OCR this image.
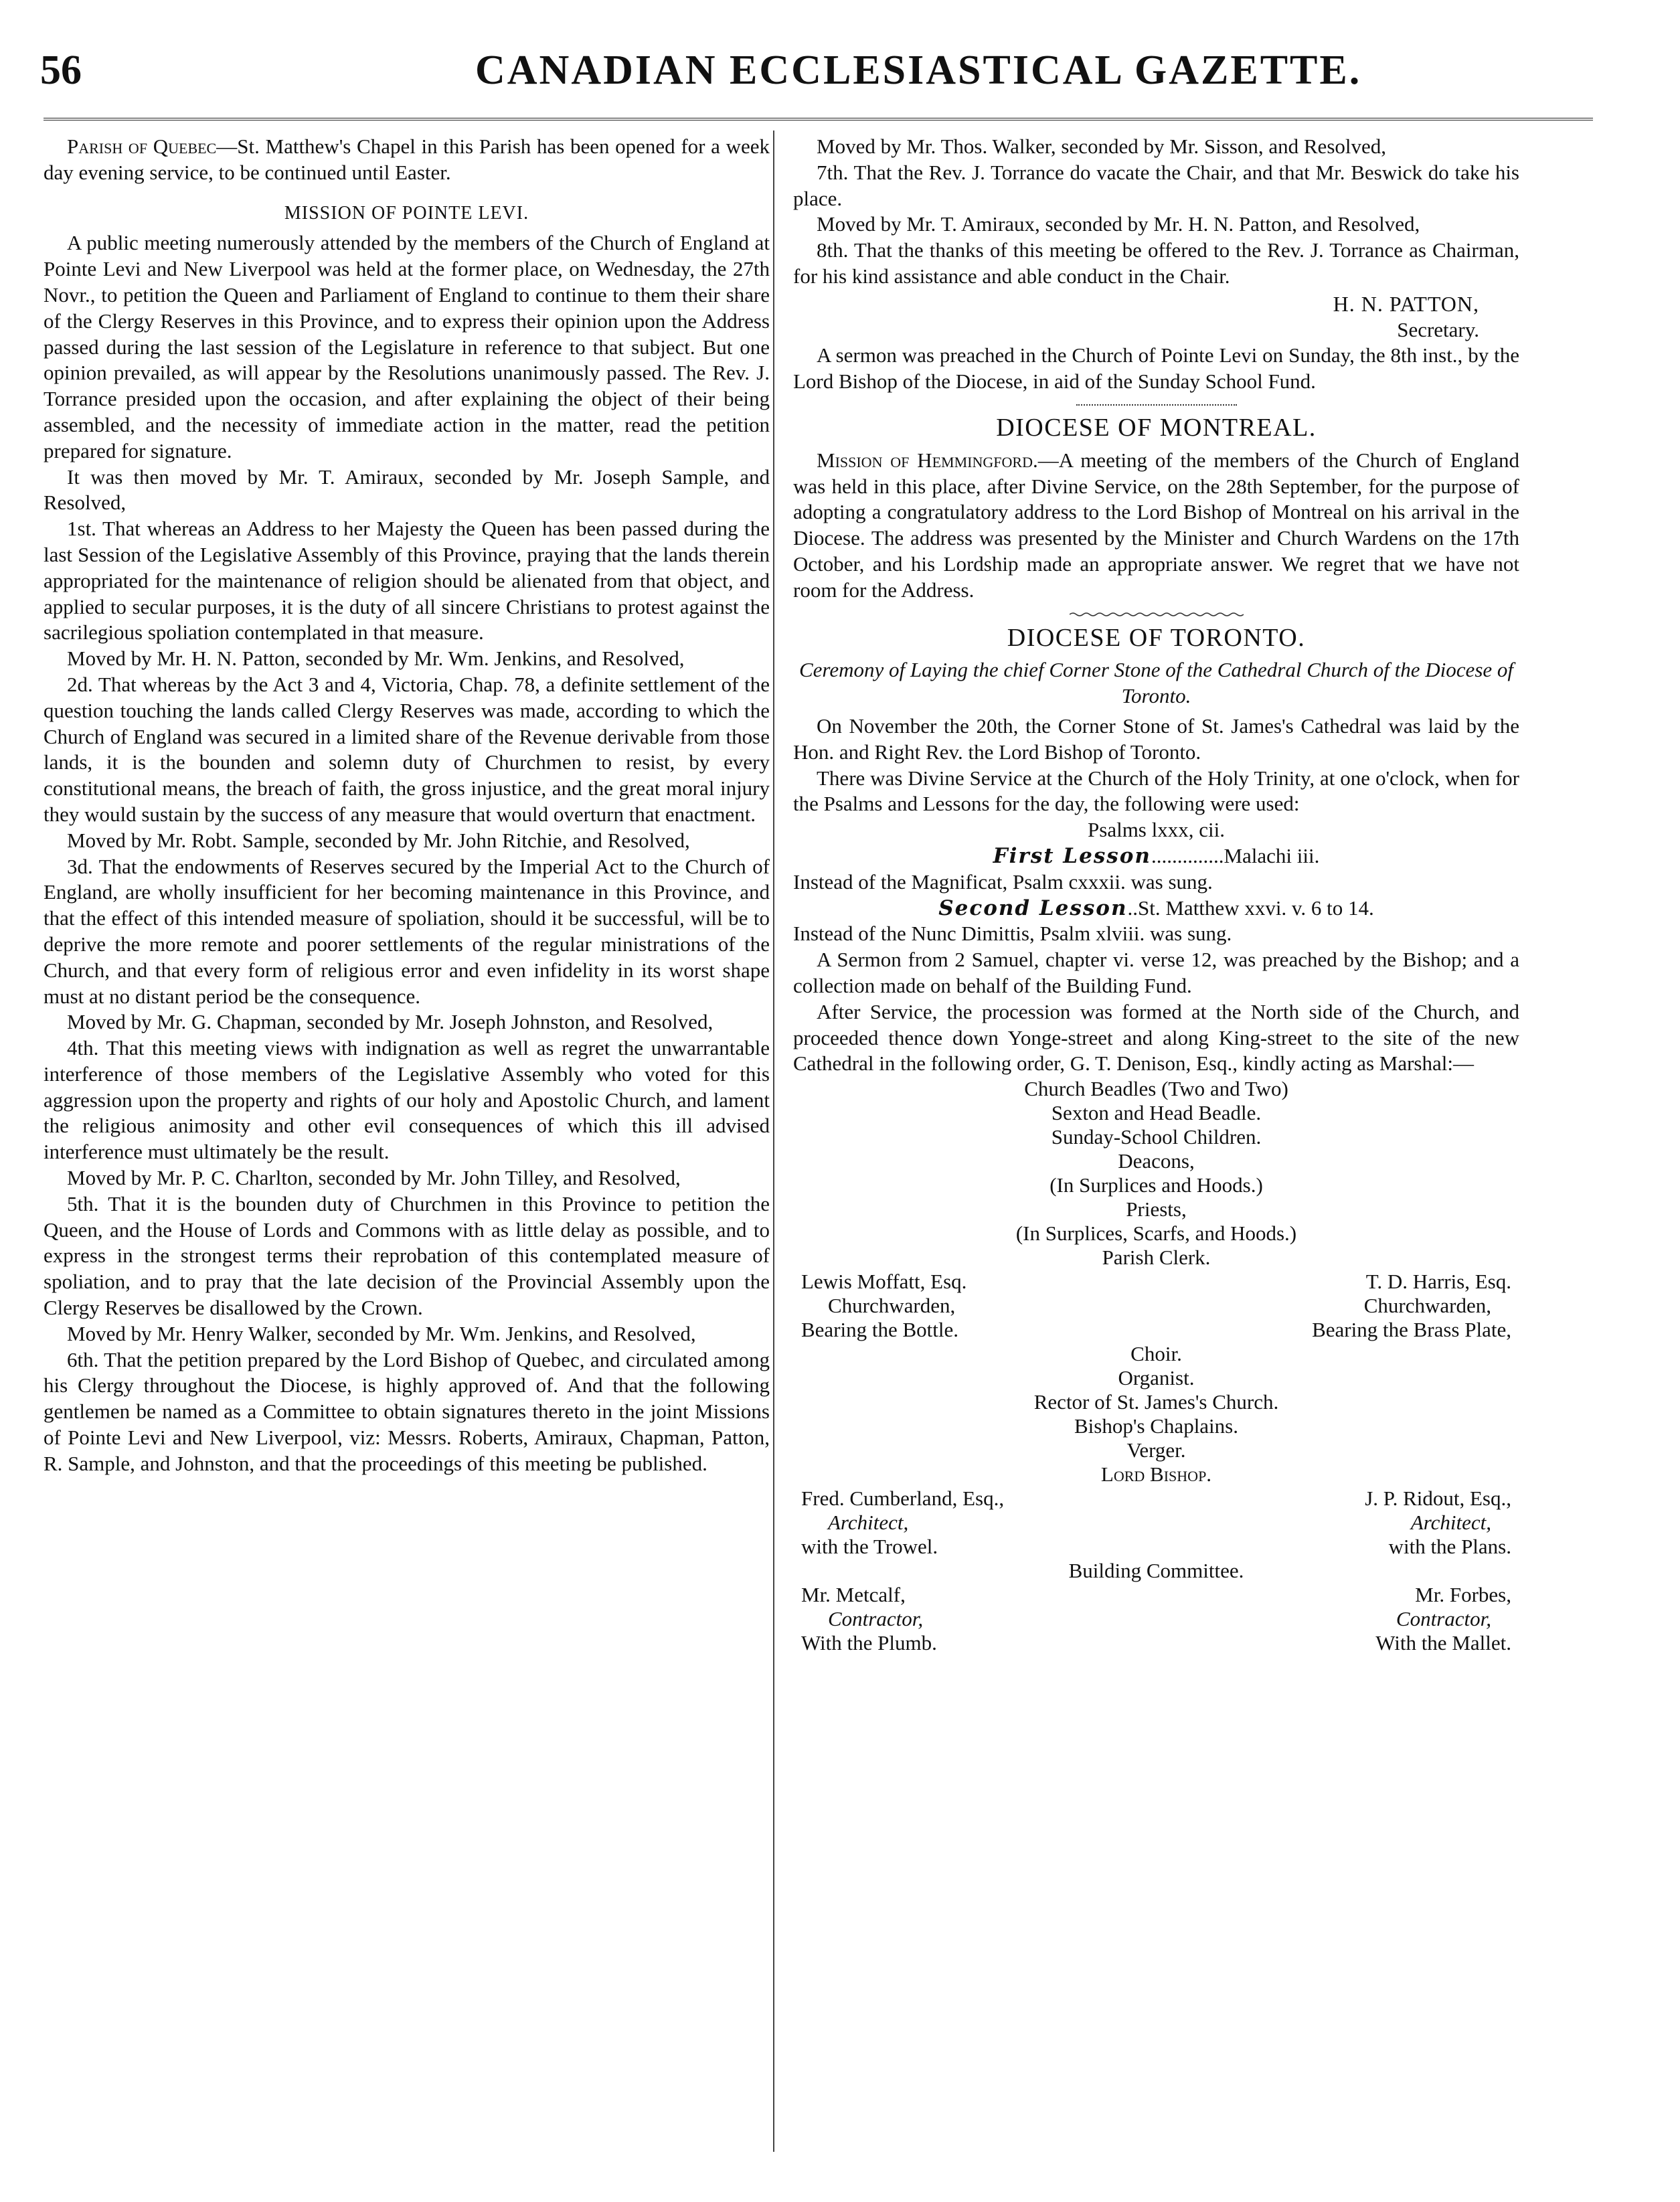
56	CANADIAN ECCLESIASTICAL GAZETTE.

Parish of Quebec—St. Matthew's Chapel in this Parish has been opened for a week day evening service, to be continued until Easter.

MISSION OF POINTE LEVI.

A public meeting numerously attended by the members of the Church of England at Pointe Levi and New Liverpool was held at the former place, on Wednesday, the 27th Novr., to petition the Queen and Parliament of England to continue to them their share of the Clergy Reserves in this Province, and to express their opinion upon the Address passed during the last session of the Legislature in reference to that subject. But one opinion prevailed, as will appear by the Resolutions unanimously passed. The Rev. J. Torrance presided upon the occasion, and after explaining the object of their being assembled, and the necessity of immediate action in the matter, read the petition prepared for signature.

It was then moved by Mr. T. Amiraux, seconded by Mr. Joseph Sample, and Resolved,

1st. That whereas an Address to her Majesty the Queen has been passed during the last Session of the Legislative Assembly of this Province, praying that the lands therein appropriated for the maintenance of religion should be alienated from that object, and applied to secular purposes, it is the duty of all sincere Christians to protest against the sacrilegious spoliation contemplated in that measure.

Moved by Mr. H. N. Patton, seconded by Mr. Wm. Jenkins, and Resolved,

2d. That whereas by the Act 3 and 4, Victoria, Chap. 78, a definite settlement of the question touching the lands called Clergy Reserves was made, according to which the Church of England was secured in a limited share of the Revenue derivable from those lands, it is the bounden and solemn duty of Churchmen to resist, by every constitutional means, the breach of faith, the gross injustice, and the great moral injury they would sustain by the success of any measure that would overturn that enactment.

Moved by Mr. Robt. Sample, seconded by Mr. John Ritchie, and Resolved,

3d. That the endowments of Reserves secured by the Imperial Act to the Church of England, are wholly insufficient for her becoming maintenance in this Province, and that the effect of this intended measure of spoliation, should it be successful, will be to deprive the more remote and poorer settlements of the regular ministrations of the Church, and that every form of religious error and even infidelity in its worst shape must at no distant period be the consequence.

Moved by Mr. G. Chapman, seconded by Mr. Joseph Johnston, and Resolved,

4th. That this meeting views with indignation as well as regret the unwarrantable interference of those members of the Legislative Assembly who voted for this aggression upon the property and rights of our holy and Apostolic Church, and lament the religious animosity and other evil consequences of which this ill advised interference must ultimately be the result.

Moved by Mr. P. C. Charlton, seconded by Mr. John Tilley, and Resolved,

5th. That it is the bounden duty of Churchmen in this Province to petition the Queen, and the House of Lords and Commons with as little delay as possible, and to express in the strongest terms their reprobation of this contemplated measure of spoliation, and to pray that the late decision of the Provincial Assembly upon the Clergy Reserves be disallowed by the Crown.

Moved by Mr. Henry Walker, seconded by Mr. Wm. Jenkins, and Resolved,

6th. That the petition prepared by the Lord Bishop of Quebec, and circulated among his Clergy throughout the Diocese, is highly approved of. And that the following gentlemen be named as a Committee to obtain signatures thereto in the joint Missions of Pointe Levi and New Liverpool, viz: Messrs. Roberts, Amiraux, Chapman, Patton, R. Sample, and Johnston, and that the proceedings of this meeting be published.

Moved by Mr. Thos. Walker, seconded by Mr. Sisson, and Resolved,

7th. That the Rev. J. Torrance do vacate the Chair, and that Mr. Beswick do take his place.

Moved by Mr. T. Amiraux, seconded by Mr. H. N. Patton, and Resolved,

8th. That the thanks of this meeting be offered to the Rev. J. Torrance as Chairman, for his kind assistance and able conduct in the Chair.

H. N. PATTON,
Secretary.

A sermon was preached in the Church of Pointe Levi on Sunday, the 8th inst., by the Lord Bishop of the Diocese, in aid of the Sunday School Fund.

DIOCESE OF MONTREAL.

Mission of Hemmingford.—A meeting of the members of the Church of England was held in this place, after Divine Service, on the 28th September, for the purpose of adopting a congratulatory address to the Lord Bishop of Montreal on his arrival in the Diocese. The address was presented by the Minister and Church Wardens on the 17th October, and his Lordship made an appropriate answer. We regret that we have not room for the Address.

DIOCESE OF TORONTO.
Ceremony of Laying the chief Corner Stone of the Cathedral Church of the Diocese of Toronto.

On November the 20th, the Corner Stone of St. James's Cathedral was laid by the Hon. and Right Rev. the Lord Bishop of Toronto.

There was Divine Service at the Church of the Holy Trinity, at one o'clock, when for the Psalms and Lessons for the day, the following were used:

Psalms lxxx, cii.

First Lesson..............Malachi iii.

Instead of the Magnificat, Psalm cxxxii. was sung.

Second Lesson..St. Matthew xxvi. v. 6 to 14.

Instead of the Nunc Dimittis, Psalm xlviii. was sung.

A Sermon from 2 Samuel, chapter vi. verse 12, was preached by the Bishop; and a collection made on behalf of the Building Fund.

After Service, the procession was formed at the North side of the Church, and proceeded thence down Yonge-street and along King-street to the site of the new Cathedral in the following order, G. T. Denison, Esq., kindly acting as Marshal:—

Church Beadles (Two and Two)
Sexton and Head Beadle.
Sunday-School Children.
Deacons,
(In Surplices and Hoods.)
Priests,
(In Surplices, Scarfs, and Hoods.)
Parish Clerk.
Lewis Moffatt, Esq.
Churchwarden,
Bearing the Bottle.
T. D. Harris, Esq.
Churchwarden,
Bearing the Brass Plate,
Choir.
Organist.
Rector of St. James's Church.
Bishop's Chaplains.
Verger.
Lord Bishop.
Fred. Cumberland, Esq.,
Architect,
with the Trowel.
J. P. Ridout, Esq.,
Architect,
with the Plans.
Building Committee.
Mr. Metcalf,
Contractor,
With the Plumb.
Mr. Forbes,
Contractor,
With the Mallet.
